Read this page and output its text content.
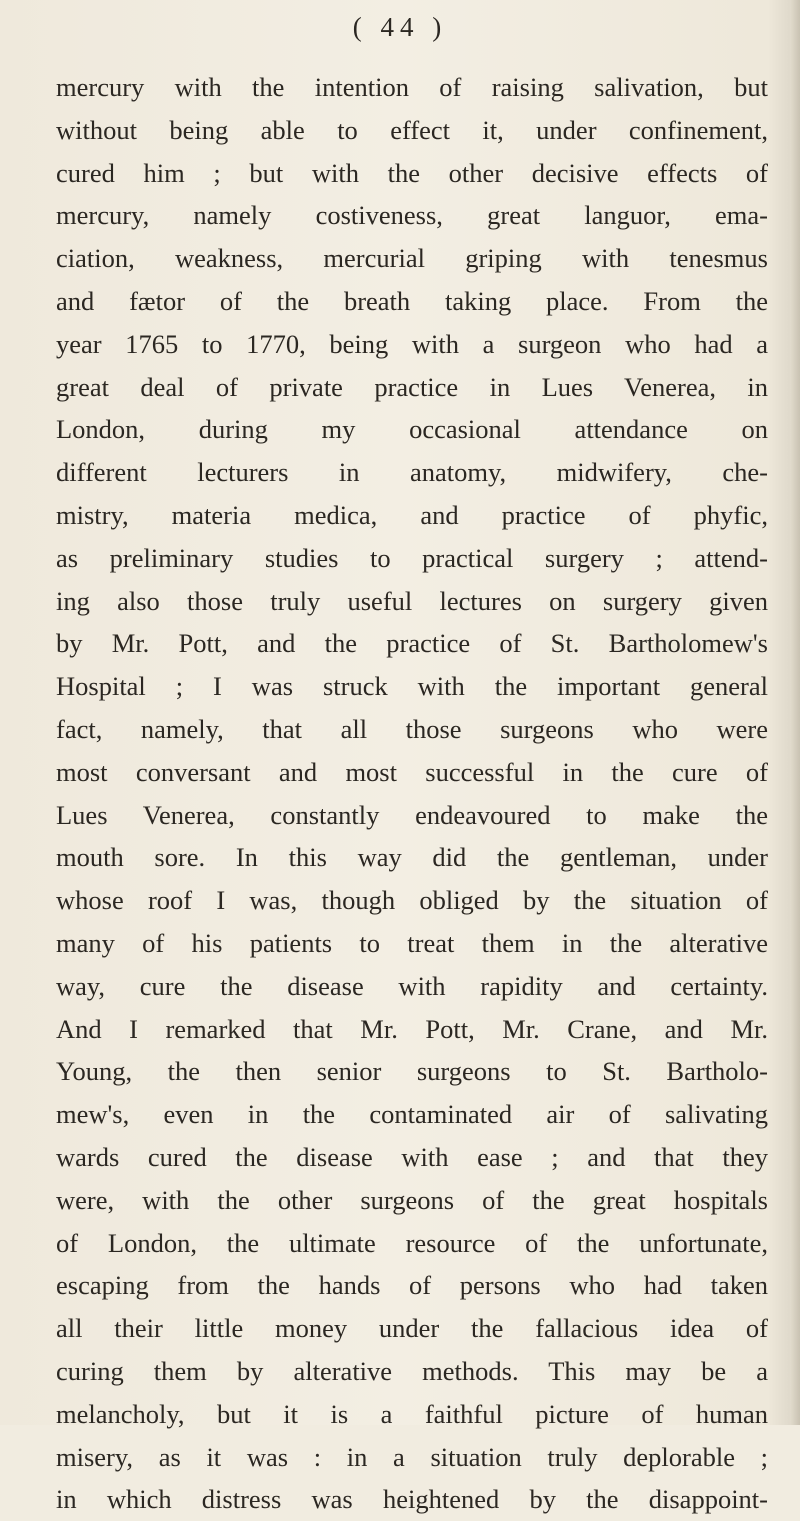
( 44 )
mercury with the intention of raising salivation, but
without being able to effect it, under confinement,
cured him ; but with the other decisive effects of
mercury, namely costiveness, great languor, ema-
ciation, weakness, mercurial griping with tenesmus
and fætor of the breath taking place. From the
year 1765 to 1770, being with a surgeon who had a
great deal of private practice in Lues Venerea, in
London, during my occasional attendance on
different lecturers in anatomy, midwifery, che-
mistry, materia medica, and practice of phyfic,
as preliminary studies to practical surgery ; attend-
ing also those truly useful lectures on surgery given
by Mr. Pott, and the practice of St. Bartholomew's
Hospital ; I was struck with the important general
fact, namely, that all those surgeons who were
most conversant and most successful in the cure of
Lues Venerea, constantly endeavoured to make the
mouth sore. In this way did the gentleman, under
whose roof I was, though obliged by the situation of
many of his patients to treat them in the alterative
way, cure the disease with rapidity and certainty.
And I remarked that Mr. Pott, Mr. Crane, and Mr.
Young, the then senior surgeons to St. Bartholo-
mew's, even in the contaminated air of salivating
wards cured the disease with ease ; and that they
were, with the other surgeons of the great hospitals
of London, the ultimate resource of the unfortunate,
escaping from the hands of persons who had taken
all their little money under the fallacious idea of
curing them by alterative methods. This may be a
melancholy, but it is a faithful picture of human
misery, as it was : in a situation truly deplorable ;
in which distress was heightened by the disappoint-
